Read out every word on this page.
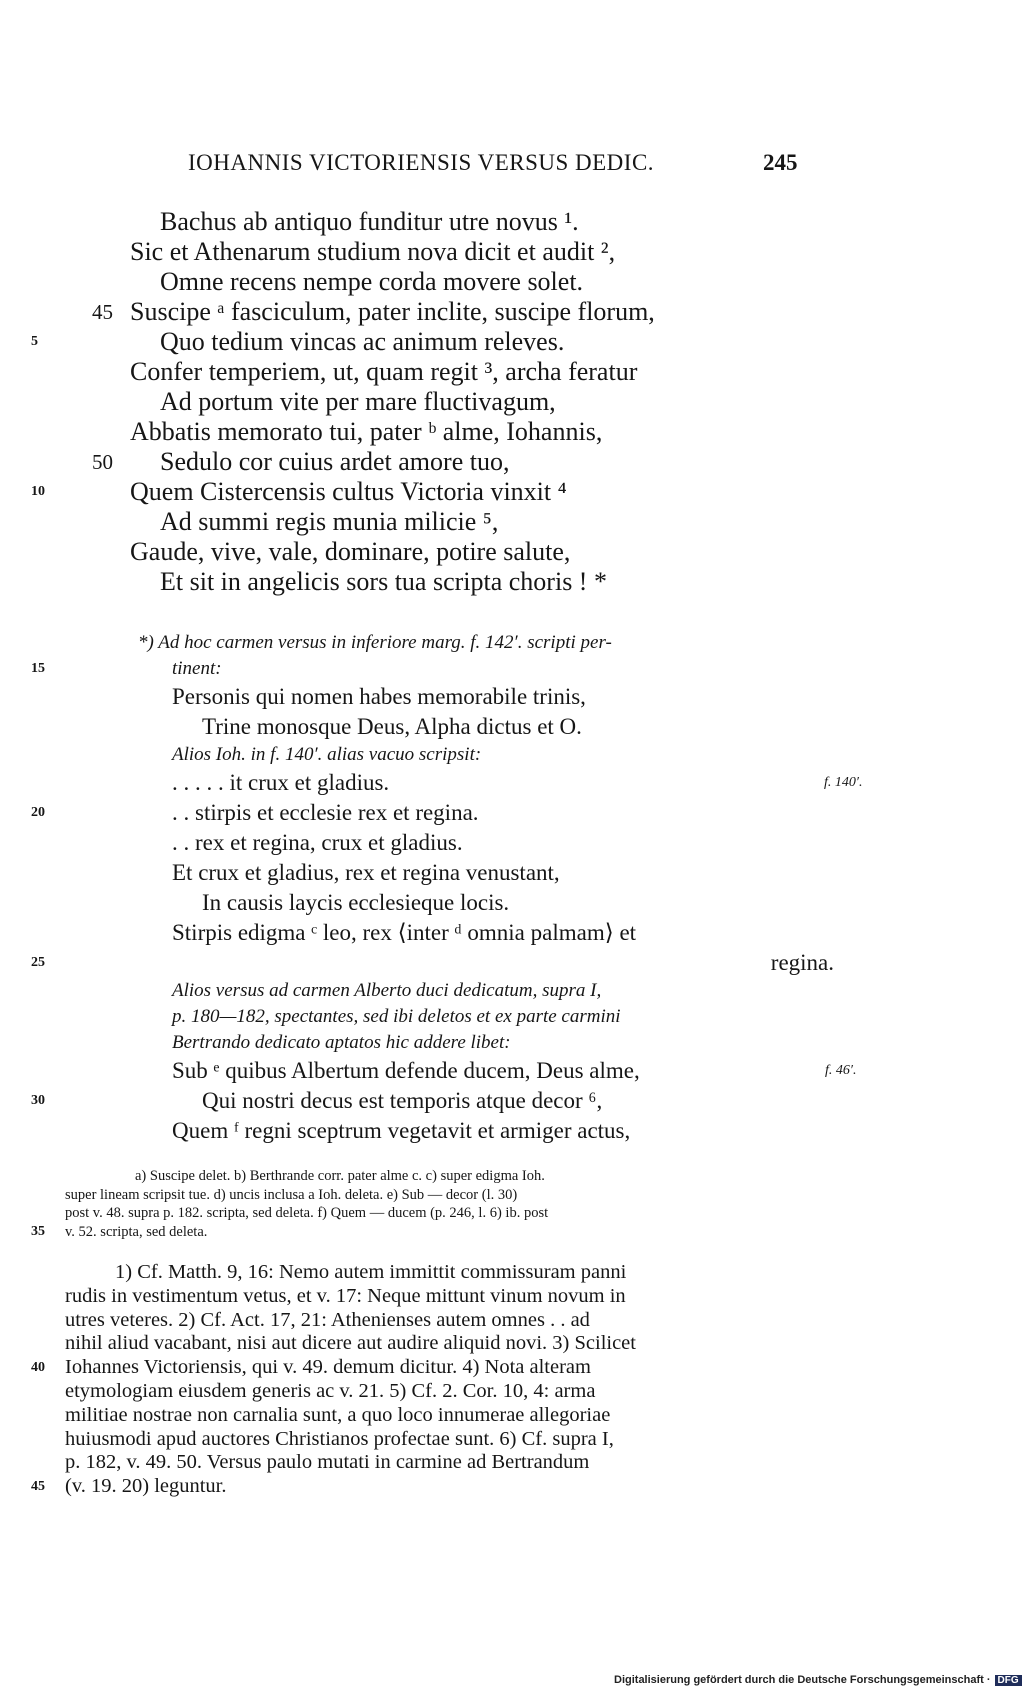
IOHANNIS VICTORIENSIS VERSUS DEDIC.	245
Bachus ab antiquo funditur utre novus ¹.
Sic et Athenarum studium nova dicit et audit ²,
Omne recens nempe corda movere solet.
45 Suscipe ᵃ fasciculum, pater inclite, suscipe florum,
5	Quo tedium vincas ac animum releves.
Confer temperiem, ut, quam regit ³, archa feratur
Ad portum vite per mare fluctivagum,
Abbatis memorato tui, pater ᵇ alme, Iohannis,
50 Sedulo cor cuius ardet amore tuo,
10	Quem Cistercensis cultus Victoria vinxit ⁴
Ad summi regis munia milicie ⁵,
Gaude, vive, vale, dominare, potire salute,
Et sit in angelicis sors tua scripta choris ! *
*) Ad hoc carmen versus in inferiore marg. f. 142′. scripti per-
15	tinent:
Personis qui nomen habes memorabile trinis,
Trine monosque Deus, Alpha dictus et O.
Alios Ioh. in f. 140′. alias vacuo scripsit:
. . . . . it crux et gladius.	f. 140′.
20	. . stirpis et ecclesie rex et regina.
. . rex et regina, crux et gladius.
Et crux et gladius, rex et regina venustant,
In causis laycis ecclesieque locis.
Stirpis edigma ᶜ leo, rex ⟨inter ᵈ omnia palmam⟩ et
25	regina.
Alios versus ad carmen Alberto duci dedicatum, supra I,
p. 180—182, spectantes, sed ibi deletos et ex parte carmini
Bertrando dedicato aptatos hic addere libet:
Sub ᵉ quibus Albertum defende ducem, Deus alme,	f. 46′.
30	Qui nostri decus est temporis atque decor ⁶,
Quem ᶠ regni sceptrum vegetavit et armiger actus,
a) Suscipe delet. b) Berthrande corr. pater alme c. c) super edigma Ioh.
super lineam scripsit tue. d) uncis inclusa a Ioh. deleta. e) Sub — decor (l. 30)
post v. 48. supra p. 182. scripta, sed deleta. f) Quem — ducem (p. 246, l. 6) ib. post
35 v. 52. scripta, sed deleta.
1) Cf. Matth. 9, 16: Nemo autem immittit commissuram panni
rudis in vestimentum vetus, et v. 17: Neque mittunt vinum novum in
utres veteres. 2) Cf. Act. 17, 21: Athenienses autem omnes . . ad
nihil aliud vacabant, nisi aut dicere aut audire aliquid novi. 3) Scilicet
40 Iohannes Victoriensis, qui v. 49. demum dicitur. 4) Nota alteram
etymologiam eiusdem generis ac v. 21. 5) Cf. 2. Cor. 10, 4: arma
militiae nostrae non carnalia sunt, a quo loco innumerae allegoriae
huiusmodi apud auctores Christianos profectae sunt. 6) Cf. supra I,
p. 182, v. 49. 50. Versus paulo mutati in carmine ad Bertrandum
45 (v. 19. 20) leguntur.
Digitalisierung gefördert durch die Deutsche Forschungsgemeinschaft · DFG
